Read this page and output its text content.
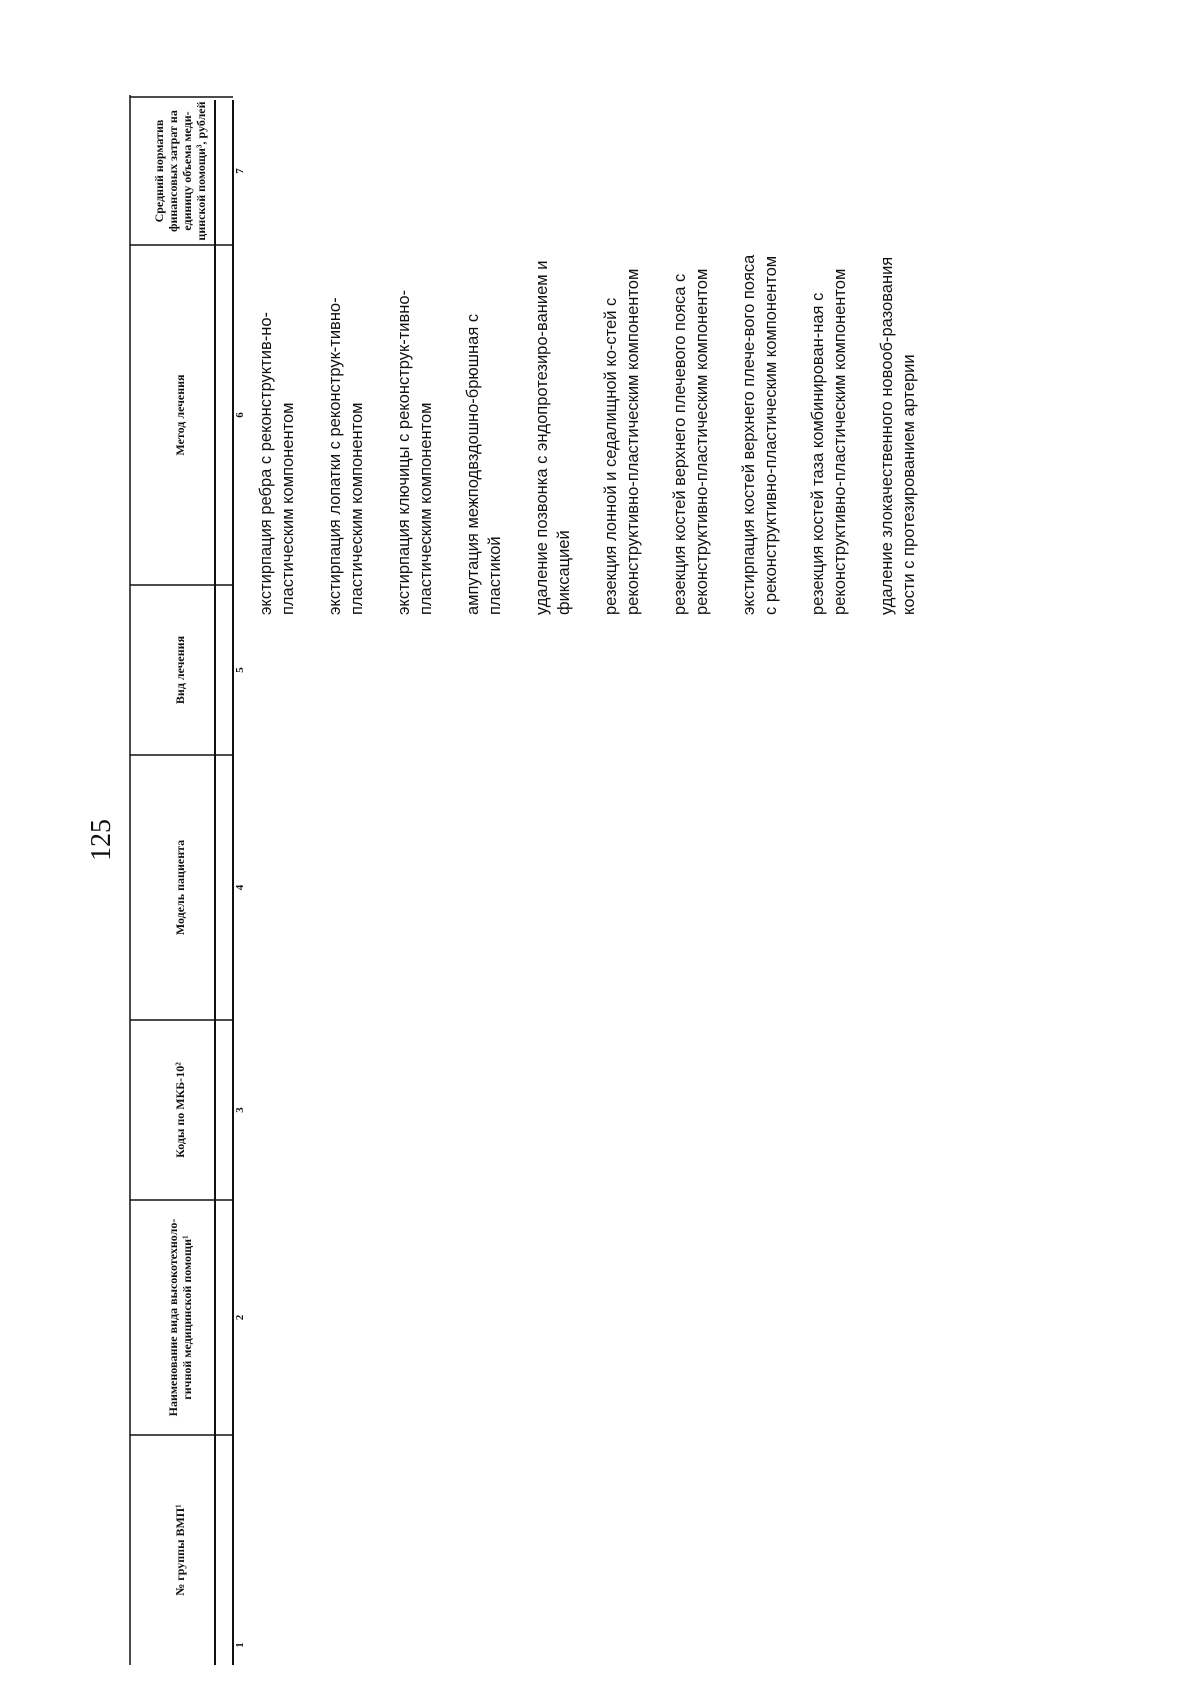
125
№ группы ВМП¹
Наименование вида высокотехноло-гичной медицинской помощи¹
Коды по МКБ-10²
Модель пациента
Вид лечения
Метод лечения
Средний норматив финансовых затрат на единицу объема меди-цинской помощи³, рублей
1
2
3
4
5
6
7
экстирпация ребра с реконструктив-но-пластическим компонентом экстирпация лопатки с реконструк-тивно-пластическим компонентом экстирпация ключицы с реконструк-тивно-пластическим компонентом ампутация межподвздошно-брюшная с пластикой удаление позвонка с эндопротезиро-ванием и фиксацией резекция лонной и седалищной ко-стей с реконструктивно-пластическим компонентом резекция костей верхнего плечевого пояса с реконструктивно-пластическим компонентом экстирпация костей верхнего плече-вого пояса с реконструктивно-пластическим компонентом резекция костей таза комбинирован-ная с реконструктивно-пластическим компонентом удаление злокачественного новооб-разования кости с протезированием артерии
